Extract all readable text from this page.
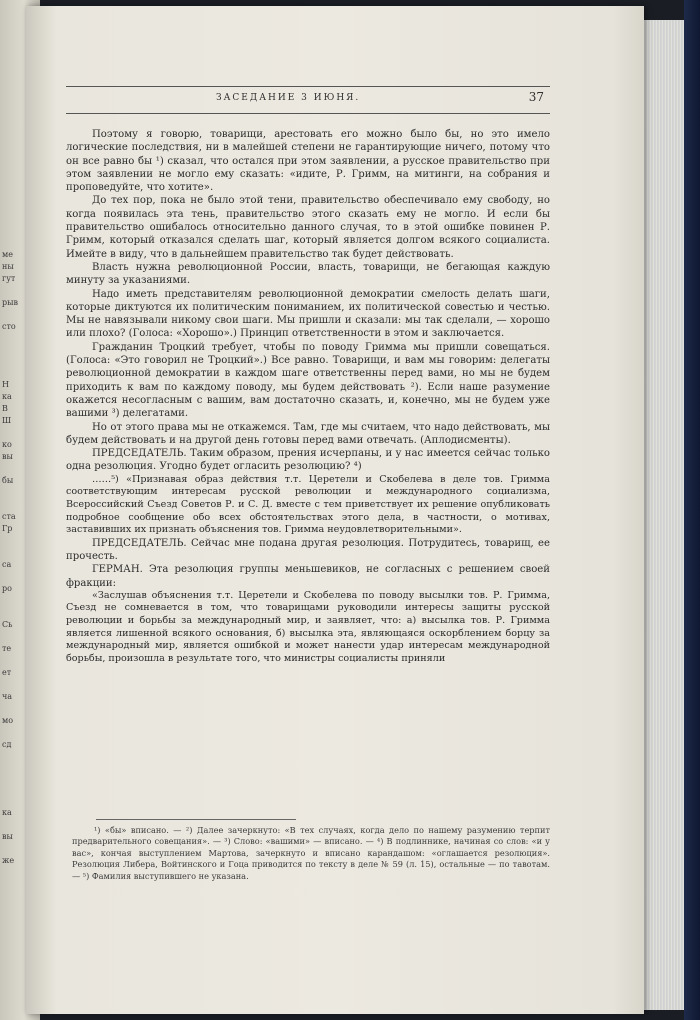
ме
ны
гут
рыв
сто
Н
ка
В
Ш
ко
вы
бы
ста
Гр
са
ро
Сь
те
ет
ча
мо
сд
ка
вы
же
ЗАСЕДАНИЕ 3 ИЮНЯ.	37

Поэтому я говорю, товарищи, арестовать его можно было бы, но это имело логические последствия, ни в малейшей степени не гарантирующие ничего, потому что он все равно бы ¹) сказал, что остался при этом заявлении, а русское правительство при этом заявлении не могло ему сказать: «идите, Р. Гримм, на митинги, на собрания и проповедуйте, что хотите».

До тех пор, пока не было этой тени, правительство обеспечивало ему свободу, но когда появилась эта тень, правительство этого сказать ему не могло. И если бы правительство ошибалось относительно данного случая, то в этой ошибке повинен Р. Гримм, который отказался сделать шаг, который является долгом всякого социалиста. Имейте в виду, что в дальнейшем правительство так будет действовать.

Власть нужна революционной России, власть, товарищи, не бегающая каждую минуту за указаниями.

Надо иметь представителям революционной демократии смелость делать шаги, которые диктуются их политическим пониманием, их политической совестью и честью. Мы не навязывали никому свои шаги. Мы пришли и сказали: мы так сделали, — хорошо или плохо? (Голоса: «Хорошо».) Принцип ответственности в этом и заключается.

Гражданин Троцкий требует, чтобы по поводу Гримма мы пришли совещаться. (Голоса: «Это говорил не Троцкий».) Все равно. Товарищи, и вам мы говорим: делегаты революционной демократии в каждом шаге ответственны перед вами, но мы не будем приходить к вам по каждому поводу, мы будем действовать ²). Если наше разумение окажется несогласным с вашим, вам достаточно сказать, и, конечно, мы не будем уже вашими ³) делегатами.

Но от этого права мы не откажемся. Там, где мы считаем, что надо действовать, мы будем действовать и на другой день готовы перед вами отвечать. (Аплодисменты).

ПРЕДСЕДАТЕЛЬ. Таким образом, прения исчерпаны, и у нас имеется сейчас только одна резолюция. Угодно будет огласить резолюцию? ⁴)

……⁵) «Признавая образ действия т.т. Церетели и Скобелева в деле тов. Гримма соответствующим интересам русской революции и международного социализма, Всероссийский Съезд Советов Р. и С. Д. вместе с тем приветствует их решение опубликовать подробное сообщение обо всех обстоятельствах этого дела, в частности, о мотивах, заставивших их признать объяснения тов. Гримма неудовлетворительными».

ПРЕДСЕДАТЕЛЬ. Сейчас мне подана другая резолюция. Потрудитесь, товарищ, ее прочесть.

ГЕРМАН. Эта резолюция группы меньшевиков, не согласных с решением своей фракции:

«Заслушав объяснения т.т. Церетели и Скобелева по поводу высылки тов. Р. Гримма, Съезд не сомневается в том, что товарищами руководили интересы защиты русской революции и борьбы за международный мир, и заявляет, что: а) высылка тов. Р. Гримма является лишенной всякого основания, б) высылка эта, являющаяся оскорблением борцу за международный мир, является ошибкой и может нанести удар интересам международной борьбы, произошла в результате того, что министры социалисты приняли

¹) «бы» вписано. — ²) Далее зачеркнуто: «В тех случаях, когда дело по нашему разумению терпит предварительного совещания». — ³) Слово: «вашими» — вписано. — ⁴) В подлиннике, начиная со слов: «и у вас», кончая выступлением Мартова, зачеркнуто и вписано карандашом: «оглашается резолюция». Резолюция Либера, Войтинского и Гоца приводится по тексту в деле № 59 (л. 15), остальные — по тавотам. — ⁵) Фамилия выступившего не указана.
